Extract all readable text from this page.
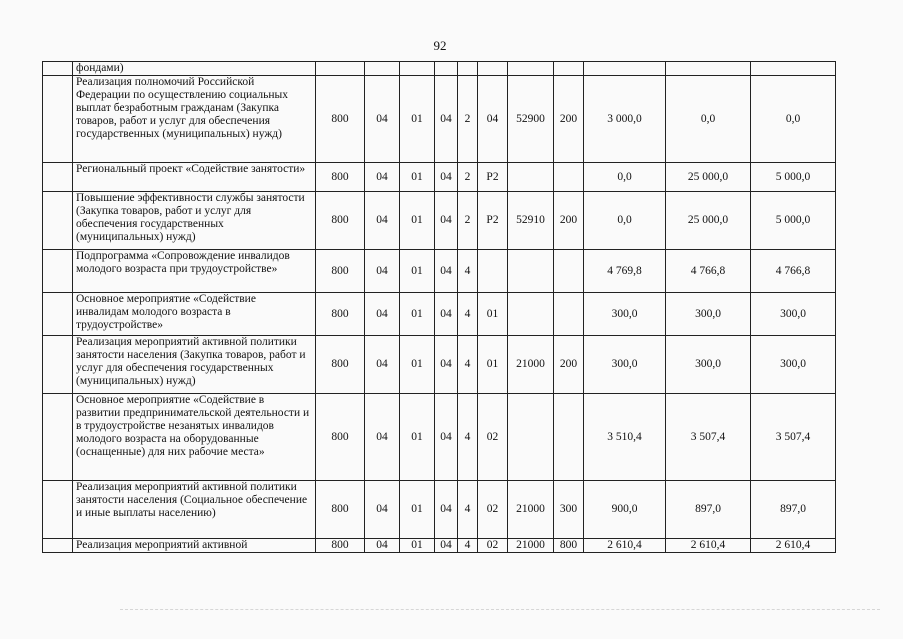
92
	фондами)											
	Реализация полномочий Российской Федерации по осуществлению социальных выплат безработным гражданам (Закупка товаров, работ и услуг для обеспечения государственных (муниципальных) нужд)	800	04	01	04	2	04	52900	200	3 000,0	0,0	0,0
	Региональный проект «Содействие занятости»	800	04	01	04	2	Р2			0,0	25 000,0	5 000,0
	Повышение эффективности службы занятости (Закупка товаров, работ и услуг для обеспечения государственных (муниципальных) нужд)	800	04	01	04	2	Р2	52910	200	0,0	25 000,0	5 000,0
	Подпрограмма «Сопровождение инвалидов молодого возраста при трудоустройстве»	800	04	01	04	4				4 769,8	4 766,8	4 766,8
	Основное мероприятие «Содействие инвалидам молодого возраста в трудоустройстве»	800	04	01	04	4	01			300,0	300,0	300,0
	Реализация мероприятий активной политики занятости населения (Закупка товаров, работ и услуг для обеспечения государственных (муниципальных) нужд)	800	04	01	04	4	01	21000	200	300,0	300,0	300,0
	Основное мероприятие «Содействие в развитии предпринимательской деятельности и в трудоустройстве незанятых инвалидов молодого возраста на оборудованные (оснащенные) для них рабочие места»	800	04	01	04	4	02			3 510,4	3 507,4	3 507,4
	Реализация мероприятий активной политики занятости населения (Социальное обеспечение и иные выплаты населению)	800	04	01	04	4	02	21000	300	900,0	897,0	897,0
	Реализация мероприятий активной	800	04	01	04	4	02	21000	800	2 610,4	2 610,4	2 610,4
